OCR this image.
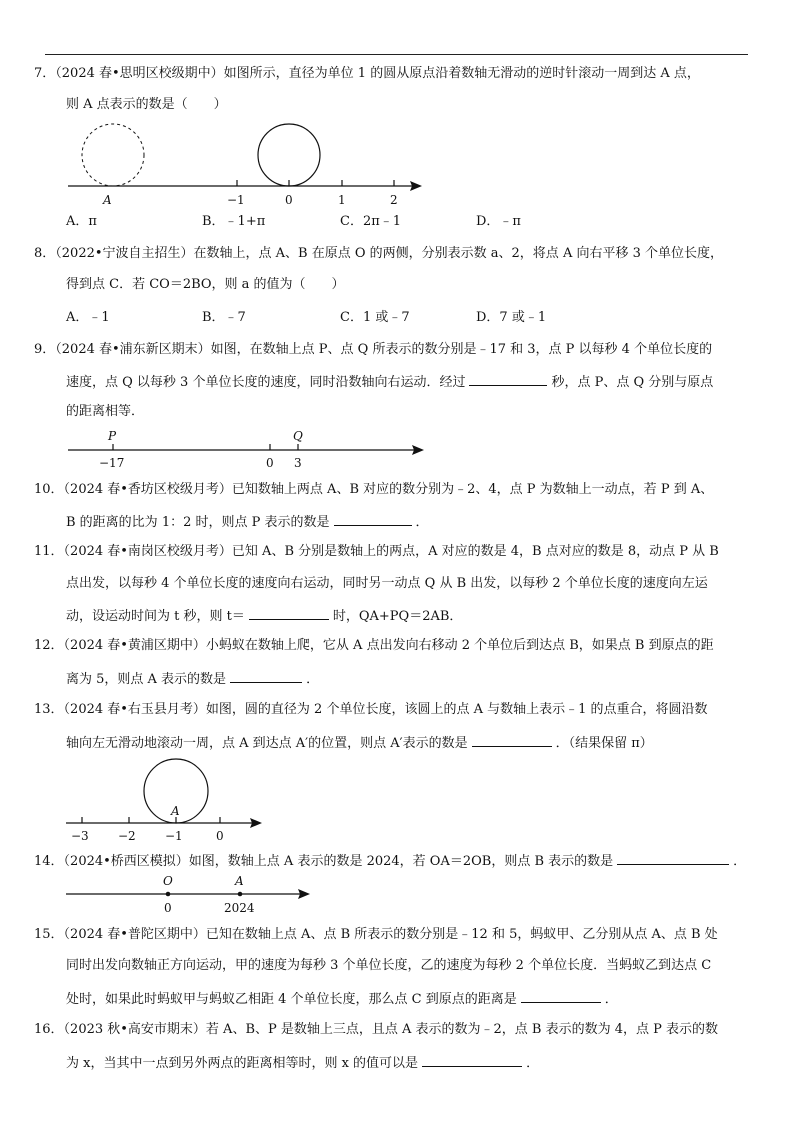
7．（2024 春•思明区校级期中）如图所示，直径为单位 1 的圆从原点沿着数轴无滑动的逆时针滚动一周到达 A 点，
则 A 点表示的数是（　　）
A	−1	0	1	2
A．π	B．﹣1+π	C．2π﹣1	D．﹣π
8．（2022•宁波自主招生）在数轴上，点 A、B 在原点 O 的两侧，分别表示数 a、2，将点 A 向右平移 3 个单位长度，
得到点 C．若 CO＝2BO，则 a 的值为（　　）
A．﹣1	B．﹣7	C．1 或﹣7	D．7 或﹣1
9．（2024 春•浦东新区期末）如图，在数轴上点 P、点 Q 所表示的数分别是﹣17 和 3，点 P 以每秒 4 个单位长度的
速度，点 Q 以每秒 3 个单位长度的速度，同时沿数轴向右运动．经过	秒，点 P、点 Q 分别与原点
的距离相等．
P	Q
−17	0 3
10．（2024 春•香坊区校级月考）已知数轴上两点 A、B 对应的数分别为﹣2、4，点 P 为数轴上一动点，若 P 到 A、
B 的距离的比为 1：2 时，则点 P 表示的数是	．
11．（2024 春•南岗区校级月考）已知 A、B 分别是数轴上的两点，A 对应的数是 4，B 点对应的数是 8，动点 P 从 B
点出发，以每秒 4 个单位长度的速度向右运动，同时另一动点 Q 从 B 出发，以每秒 2 个单位长度的速度向左运
动，设运动时间为 t 秒，则 t＝	时，QA+PQ＝2AB．
12．（2024 春•黄浦区期中）小蚂蚁在数轴上爬，它从 A 点出发向右移动 2 个单位后到达点 B，如果点 B 到原点的距
离为 5，则点 A 表示的数是	．
13．（2024 春•右玉县月考）如图，圆的直径为 2 个单位长度，该圆上的点 A 与数轴上表示﹣1 的点重合，将圆沿数
轴向左无滑动地滚动一周，点 A 到达点 A′的位置，则点 A′表示的数是	．（结果保留 π）
A
−3 −2 −1	0
14．（2024•桥西区模拟）如图，数轴上点 A 表示的数是 2024，若 OA＝2OB，则点 B 表示的数是	．
O	A
0	2024
15．（2024 春•普陀区期中）已知在数轴上点 A、点 B 所表示的数分别是﹣12 和 5，蚂蚁甲、乙分别从点 A、点 B 处
同时出发向数轴正方向运动，甲的速度为每秒 3 个单位长度，乙的速度为每秒 2 个单位长度．当蚂蚁乙到达点 C
处时，如果此时蚂蚁甲与蚂蚁乙相距 4 个单位长度，那么点 C 到原点的距离是	．
16．（2023 秋•高安市期末）若 A、B、P 是数轴上三点，且点 A 表示的数为﹣2，点 B 表示的数为 4，点 P 表示的数
为 x，当其中一点到另外两点的距离相等时，则 x 的值可以是	．
